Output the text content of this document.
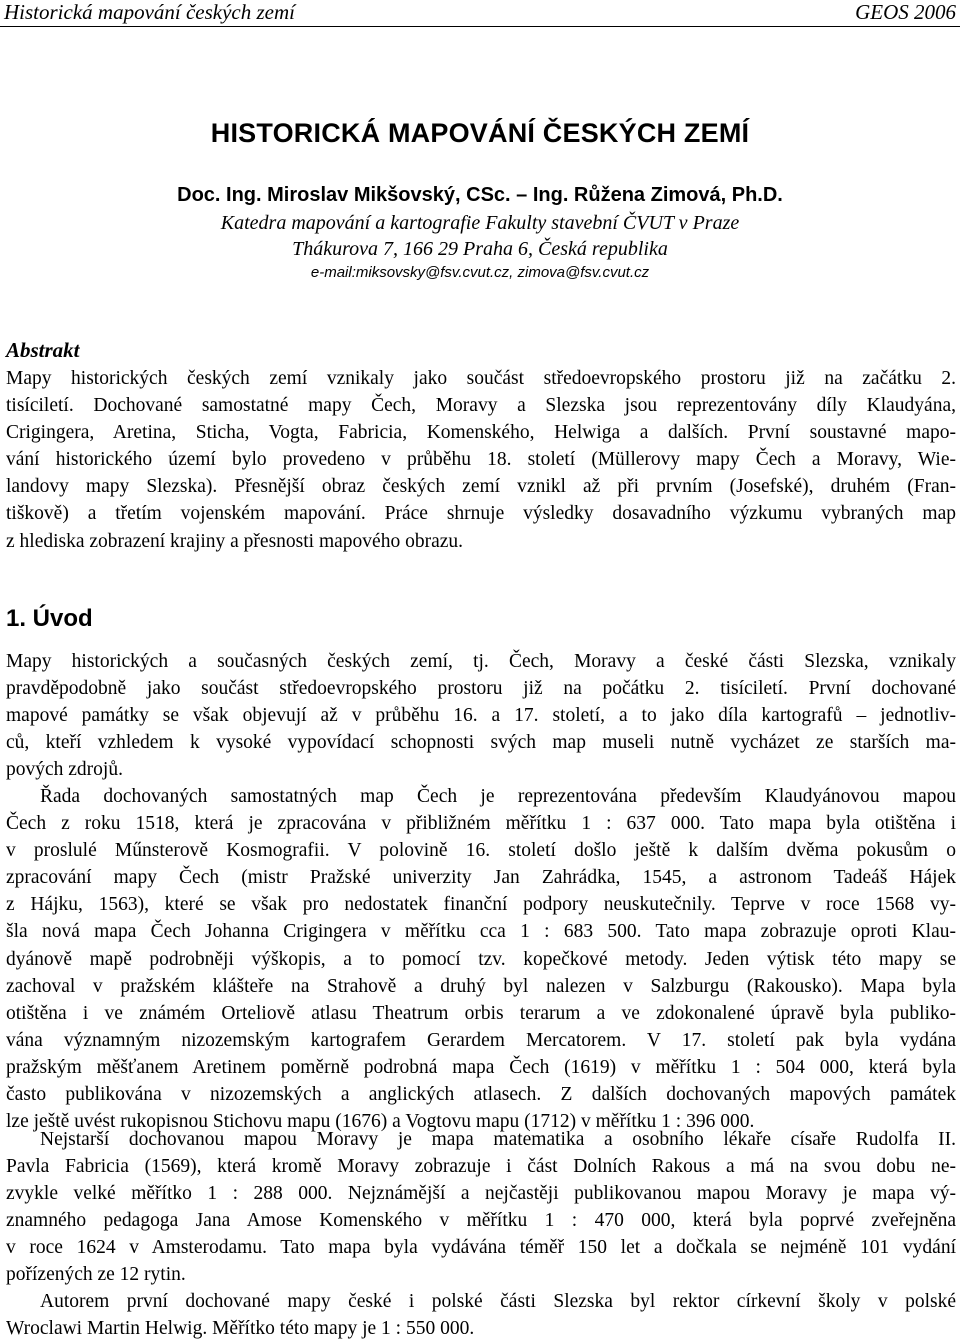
Historická mapování českých zemí	GEOS 2006
HISTORICKÁ MAPOVÁNÍ ČESKÝCH ZEMÍ
Doc. Ing. Miroslav Mikšovský, CSc. – Ing. Růžena Zimová, Ph.D.
Katedra mapování a kartografie Fakulty stavební ČVUT v Praze
Thákurova 7, 166 29 Praha 6, Česká republika
e-mail:miksovsky@fsv.cvut.cz, zimova@fsv.cvut.cz
Abstrakt
Mapy historických českých zemí vznikaly jako součást středoevropského prostoru již na začátku 2.
tisíciletí. Dochované samostatné mapy Čech, Moravy a Slezska jsou reprezentovány díly Klaudyána,
Crigingera, Aretina, Sticha, Vogta, Fabricia, Komenského, Helwiga a dalších. První soustavné mapo-
vání historického území bylo provedeno v průběhu 18. století (Müllerovy mapy Čech a Moravy, Wie-
landovy mapy Slezska). Přesnější obraz českých zemí vznikl až při prvním (Josefské), druhém (Fran-
tiškově) a třetím vojenském mapování. Práce shrnuje výsledky dosavadního výzkumu vybraných map
z hlediska zobrazení krajiny a přesnosti mapového obrazu.
1. Úvod
Mapy historických a současných českých zemí, tj. Čech, Moravy a české části Slezska, vznikaly
pravděpodobně jako součást středoevropského prostoru již na počátku 2. tisíciletí. První dochované
mapové památky se však objevují až v průběhu 16. a 17. století, a to jako díla kartografů – jednotliv-
ců, kteří vzhledem k vysoké vypovídací schopnosti svých map museli nutně vycházet ze starších ma-
pových zdrojů.
Řada dochovaných samostatných map Čech je reprezentována především Klaudyánovou mapou
Čech z roku 1518, která je zpracována v přibližném měřítku 1 : 637 000. Tato mapa byla otištěna i
v proslulé Műnsterově Kosmografii. V polovině 16. století došlo ještě k dalším dvěma pokusům o
zpracování mapy Čech (mistr Pražské univerzity Jan Zahrádka, 1545, a astronom Tadeáš Hájek
z Hájku, 1563), které se však pro nedostatek finanční podpory neuskutečnily. Teprve v roce 1568 vy-
šla nová mapa Čech Johanna Crigingera v měřítku cca 1 : 683 500. Tato mapa zobrazuje oproti Klau-
dyánově mapě podrobněji výškopis, a to pomocí tzv. kopečkové metody. Jeden výtisk této mapy se
zachoval v pražském klášteře na Strahově a druhý byl nalezen v Salzburgu (Rakousko). Mapa byla
otištěna i ve známém Orteliově atlasu Theatrum orbis terarum a ve zdokonalené úpravě byla publiko-
vána významným nizozemským kartografem Gerardem Mercatorem. V 17. století pak byla vydána
pražským měšťanem Aretinem poměrně podrobná mapa Čech (1619) v měřítku 1 : 504 000, která byla
často publikována v nizozemských a anglických atlasech. Z dalších dochovaných mapových památek
lze ještě uvést rukopisnou Stichovu mapu (1676) a Vogtovu mapu (1712) v měřítku 1 : 396 000.
Nejstarší dochovanou mapou Moravy je mapa matematika a osobního lékaře císaře Rudolfa II.
Pavla Fabricia (1569), která kromě Moravy zobrazuje i část Dolních Rakous a má na svou dobu ne-
zvykle velké měřítko 1 : 288 000. Nejznámější a nejčastěji publikovanou mapou Moravy je mapa vý-
znamného pedagoga Jana Amose Komenského v měřítku 1 : 470 000, která byla poprvé zveřejněna
v roce 1624 v Amsterodamu. Tato mapa byla vydávána téměř 150 let a dočkala se nejméně 101 vydání
pořízených ze 12 rytin.
Autorem první dochované mapy české i polské části Slezska byl rektor církevní školy v polské
Wroclawi Martin Helwig. Měřítko této mapy je 1 : 550 000.
